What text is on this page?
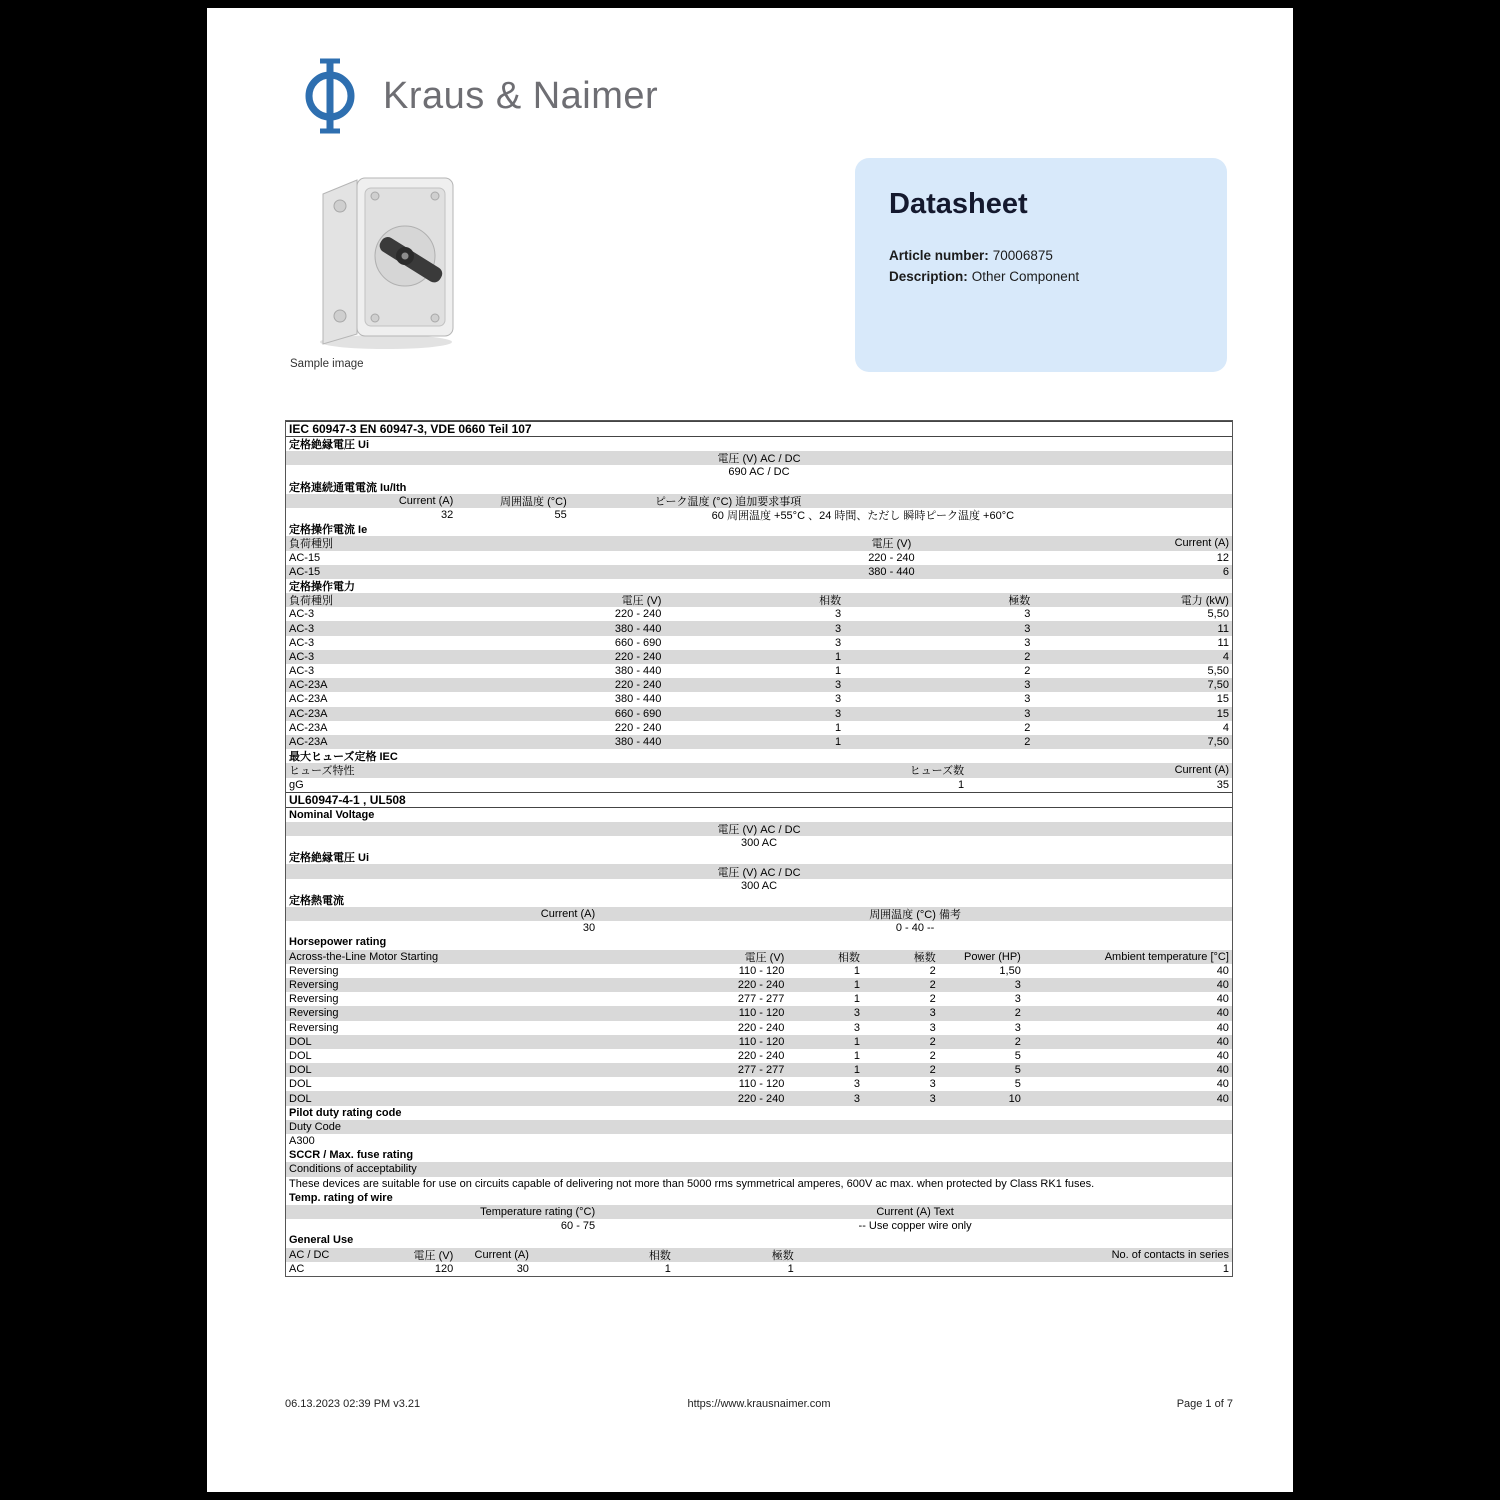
Kraus & Naimer
Sample image
Datasheet
Article number: 70006875
Description: Other Component
IEC 60947-3 EN 60947-3, VDE 0660 Teil 107
定格絶縁電圧 Ui
電圧 (V) AC / DC
690 AC / DC
定格連続通電電流 Iu/Ith
Current (A)	周囲温度 (°C)	ピーク温度 (°C) 追加要求事項
32	55	60 周囲温度 +55°C 、24 時間、ただし 瞬時ピーク温度 +60°C
定格操作電流 Ie
負荷種別	電圧 (V)	Current (A)
AC-15	220 - 240	12
AC-15	380 - 440	6
定格操作電力
負荷種別	電圧 (V)	相数	極数	電力 (kW)
AC-3	220 - 240	3	3	5,50
AC-3	380 - 440	3	3	11
AC-3	660 - 690	3	3	11
AC-3	220 - 240	1	2	4
AC-3	380 - 440	1	2	5,50
AC-23A	220 - 240	3	3	7,50
AC-23A	380 - 440	3	3	15
AC-23A	660 - 690	3	3	15
AC-23A	220 - 240	1	2	4
AC-23A	380 - 440	1	2	7,50
最大ヒューズ定格 IEC
ヒューズ特性	ヒューズ数	Current (A)
gG	1	35
UL60947-4-1 , UL508
Nominal Voltage
電圧 (V) AC / DC
300 AC
定格絶縁電圧 Ui
電圧 (V) AC / DC
300 AC
定格熱電流
Current (A)	周囲温度 (°C) 備考
30	0 - 40 --
Horsepower rating
Across-the-Line Motor Starting	電圧 (V)	相数	極数	Power (HP)	Ambient temperature [°C]
Reversing	110 - 120	1	2	1,50	40
Reversing	220 - 240	1	2	3	40
Reversing	277 - 277	1	2	3	40
Reversing	110 - 120	3	3	2	40
Reversing	220 - 240	3	3	3	40
DOL	110 - 120	1	2	2	40
DOL	220 - 240	1	2	5	40
DOL	277 - 277	1	2	5	40
DOL	110 - 120	3	3	5	40
DOL	220 - 240	3	3	10	40
Pilot duty rating code
Duty Code
A300
SCCR / Max. fuse rating
Conditions of acceptability
These devices are suitable for use on circuits capable of delivering not more than 5000 rms symmetrical amperes, 600V ac max. when protected by Class RK1 fuses.
Temp. rating of wire
Temperature rating (°C)	Current (A) Text
60 - 75	-- Use copper wire only
General Use
AC / DC	電圧 (V)	Current (A)	相数	極数	No. of contacts in series
AC	120	30	1	1	1
06.13.2023 02:39 PM v3.21	https://www.krausnaimer.com	Page 1 of 7
